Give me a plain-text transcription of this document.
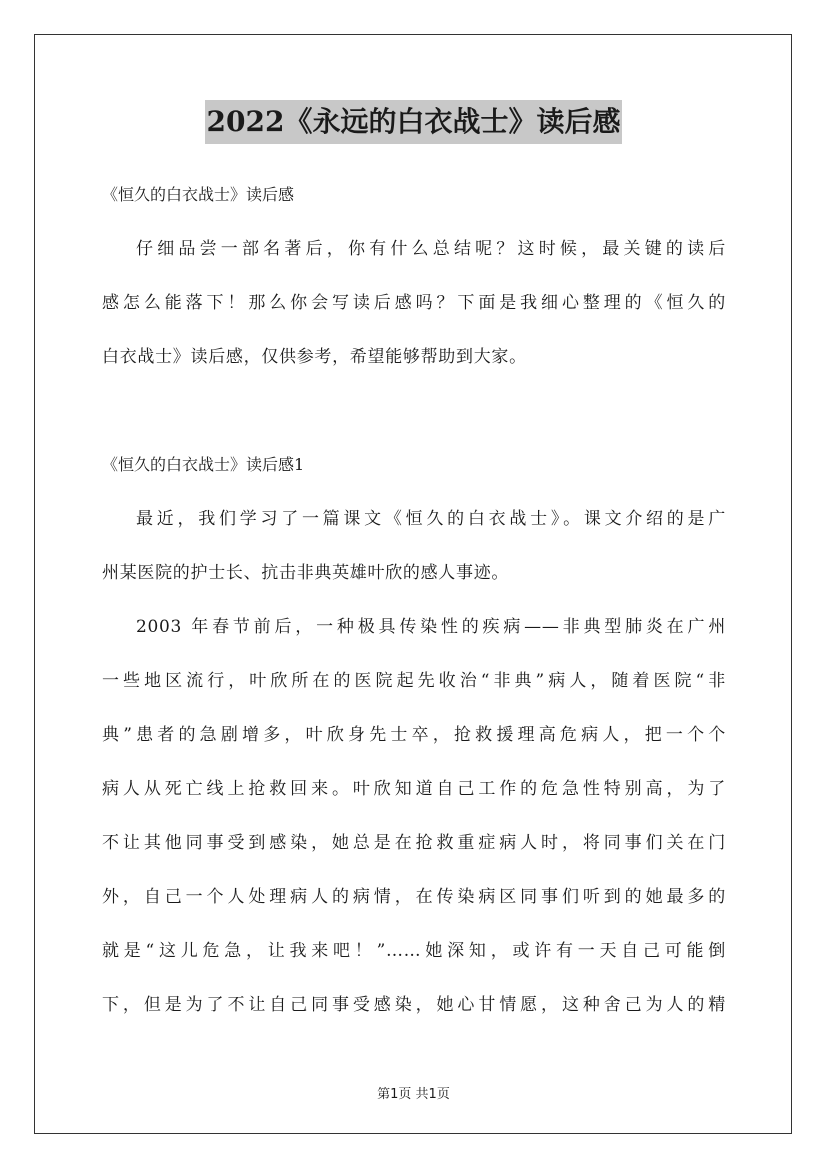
2022《永远的白衣战士》读后感
《恒久的白衣战士》读后感
仔细品尝一部名著后，你有什么总结呢？这时候，最关键的读后
感怎么能落下！那么你会写读后感吗？下面是我细心整理的《恒久的
白衣战士》读后感，仅供参考，希望能够帮助到大家。
《恒久的白衣战士》读后感1
最近，我们学习了一篇课文《恒久的白衣战士》。课文介绍的是广
州某医院的护士长、抗击非典英雄叶欣的感人事迹。
2003 年春节前后，一种极具传染性的疾病——非典型肺炎在广州
一些地区流行，叶欣所在的医院起先收治“非典”病人，随着医院“非
典”患者的急剧增多，叶欣身先士卒，抢救援理高危病人，把一个个
病人从死亡线上抢救回来。叶欣知道自己工作的危急性特别高，为了
不让其他同事受到感染，她总是在抢救重症病人时，将同事们关在门
外，自己一个人处理病人的病情，在传染病区同事们听到的她最多的
就是“这儿危急，让我来吧！”……她深知，或许有一天自己可能倒
下，但是为了不让自己同事受感染，她心甘情愿，这种舍己为人的精
第1页 共1页
